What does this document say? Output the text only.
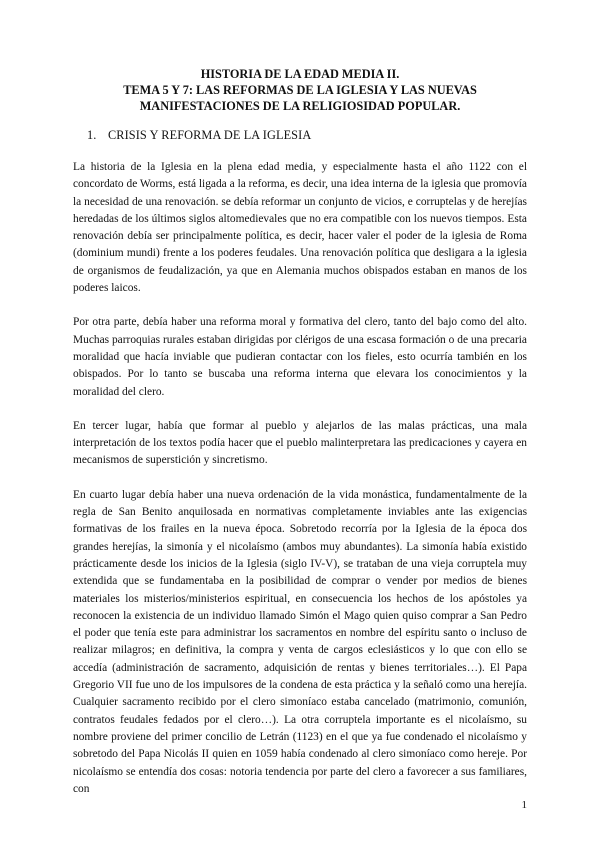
HISTORIA DE LA EDAD MEDIA II.
TEMA 5 Y 7: LAS REFORMAS DE LA IGLESIA Y LAS NUEVAS
MANIFESTACIONES DE LA RELIGIOSIDAD POPULAR.
1. CRISIS Y REFORMA DE LA IGLESIA

La historia de la Iglesia en la plena edad media, y especialmente hasta el año 1122 con el concordato de Worms, está ligada a la reforma, es decir, una idea interna de la iglesia que promovía la necesidad de una renovación. se debía reformar un conjunto de vicios, e corruptelas y de herejías heredadas de los últimos siglos altomedievales que no era compatible con los nuevos tiempos. Esta renovación debía ser principalmente política, es decir, hacer valer el poder de la iglesia de Roma (dominium mundi) frente a los poderes feudales. Una renovación política que desligara a la iglesia de organismos de feudalización, ya que en Alemania muchos obispados estaban en manos de los poderes laicos.

Por otra parte, debía haber una reforma moral y formativa del clero, tanto del bajo como del alto. Muchas parroquias rurales estaban dirigidas por clérigos de una escasa formación o de una precaria moralidad que hacía inviable que pudieran contactar con los fieles, esto ocurría también en los obispados. Por lo tanto se buscaba una reforma interna que elevara los conocimientos y la moralidad del clero.

En tercer lugar, había que formar al pueblo y alejarlos de las malas prácticas, una mala interpretación de los textos podía hacer que el pueblo malinterpretara las predicaciones y cayera en mecanismos de superstición y sincretismo.

En cuarto lugar debía haber una nueva ordenación de la vida monástica, fundamentalmente de la regla de San Benito anquilosada en normativas completamente inviables ante las exigencias formativas de los frailes en la nueva época. Sobretodo recorría por la Iglesia de la época dos grandes herejías, la simonía y el nicolaísmo (ambos muy abundantes). La simonía había existido prácticamente desde los inicios de la Iglesia (siglo IV-V), se trataban de una vieja corruptela muy extendida que se fundamentaba en la posibilidad de comprar o vender por medios de bienes materiales los misterios/ministerios espiritual, en consecuencia los hechos de los apóstoles ya reconocen la existencia de un individuo llamado Simón el Mago quien quiso comprar a San Pedro el poder que tenía este para administrar los sacramentos en nombre del espíritu santo o incluso de realizar milagros; en definitiva, la compra y venta de cargos eclesiásticos y lo que con ello se accedía (administración de sacramento, adquisición de rentas y bienes territoriales…). El Papa Gregorio VII fue uno de los impulsores de la condena de esta práctica y la señaló como una herejía. Cualquier sacramento recibido por el clero simoníaco estaba cancelado (matrimonio, comunión, contratos feudales fedados por el clero…). La otra corruptela importante es el nicolaísmo, su nombre proviene del primer concilio de Letrán (1123) en el que ya fue condenado el nicolaísmo y sobretodo del Papa Nicolás II quien en 1059 había condenado al clero simoníaco como hereje. Por nicolaísmo se entendía dos cosas: notoria tendencia por parte del clero a favorecer a sus familiares, con

1
